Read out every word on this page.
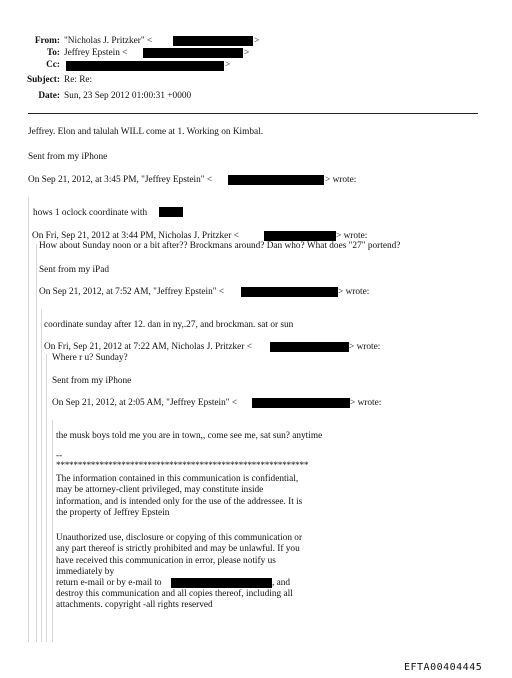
From: "Nicholas J. Pritzker" <	>
To: Jeffrey Epstein <	>
Cc:	>
Subject: Re: Re:
Date: Sun, 23 Sep 2012 01:00:31 +0000
Jeffrey. Elon and talulah WILL come at 1. Working on Kimbal.
Sent from my iPhone
On Sep 21, 2012, at 3:45 PM, "Jeffrey Epstein" <	> wrote:
hows 1 oclock coordinate with
On Fri, Sep 21, 2012 at 3:44 PM, Nicholas J. Pritzker <	> wrote:
How about Sunday noon or a bit after?? Brockmans around? Dan who? What does "27" portend?
Sent from my iPad
On Sep 21, 2012, at 7:52 AM, "Jeffrey Epstein" <	> wrote:
coordinate sunday after 12. dan in ny,.27, and brockman. sat or sun
On Fri, Sep 21, 2012 at 7:22 AM, Nicholas J. Pritzker <	> wrote:
Where r u? Sunday?
Sent from my iPhone
On Sep 21, 2012, at 2:05 AM, "Jeffrey Epstein" <	> wrote:
the musk boys told me you are in town,, come see me, sat sun? anytime
--
**********************************************************
The information contained in this communication is confidential, may be attorney-client privileged, may constitute inside information, and is intended only for the use of the addressee. It is the property of Jeffrey Epstein
Unauthorized use, disclosure or copying of this communication or any part thereof is strictly prohibited and may be unlawful. If you have received this communication in error, please notify us immediately by
return e-mail or by e-mail to	, and
destroy this communication and all copies thereof, including all attachments. copyright -all rights reserved
EFTA00404445
